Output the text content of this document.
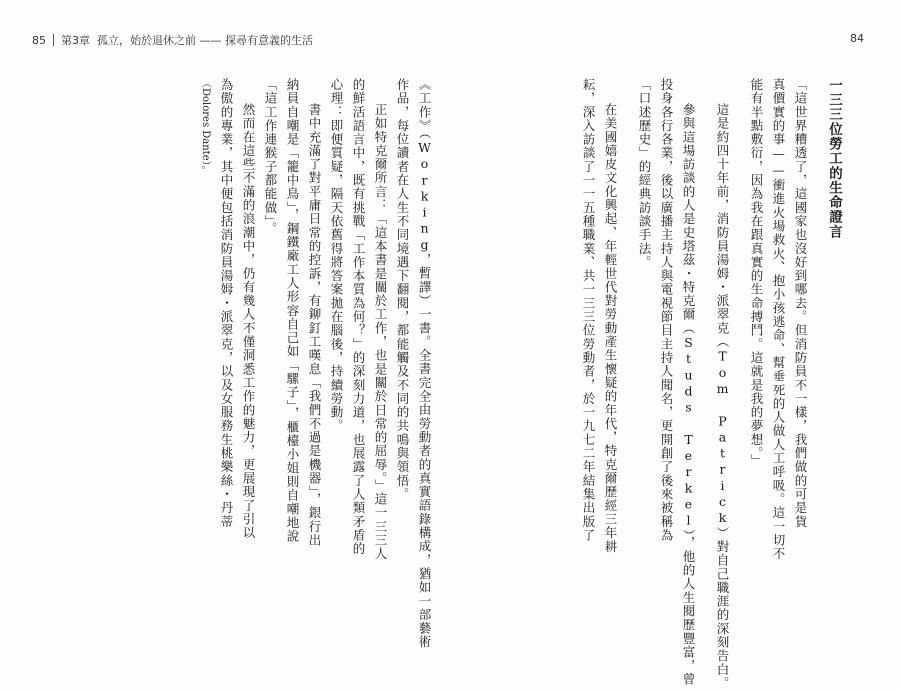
85 第3章 孤立，始於退休之前 —— 探尋有意義的生活	84
一三三位勞工的生命證言
「這世界糟透了，這國家也沒好到哪去。但消防員不一樣，我們做的可是貨
真價實的事——衝進火場救火、抱小孩逃命、幫垂死的人做人工呼吸。這一切不
能有半點敷衍，因為我在跟真實的生命搏鬥。這就是我的夢想。」
這是約四十年前，消防員湯姆・派翠克（Tom Patrick）對自己職涯的深刻告白。
參與這場訪談的人是史塔茲・特克爾（Studs Terkel），他的人生閱歷豐富，曾
投身各行各業，後以廣播主持人與電視節目主持人聞名，更開創了後來被稱為
「口述歷史」的經典訪談手法。
在美國嬉皮文化興起、年輕世代對勞動產生懷疑的年代，特克爾歷經三年耕
耘，深入訪談了一一五種職業、共一三三位勞動者，於一九七二年結集出版了
《工作》（Working，暫譯）一書。全書完全由勞動者的真實語錄構成，猶如一部藝術
作品，每位讀者在人生不同境遇下翻閱，都能觸及不同的共鳴與領悟。
正如特克爾所言：「這本書是關於工作，也是關於日常的屈辱。」這一三三人
的鮮活語言中，既有挑戰「工作本質為何？」的深刻力道，也展露了人類矛盾的
心理：即便質疑，隔天依舊得將答案拋在腦後，持續勞動。
書中充滿了對平庸日常的控訴，有鉚釘工嘆息「我們不過是機器」，銀行出
納員自嘲是「籠中鳥」，鋼鐵廠工人形容自己如「騾子」，櫃檯小姐則自嘲地說
「這工作連猴子都能做」。
然而在這些不滿的浪潮中，仍有幾人不僅洞悉工作的魅力，更展現了引以
為傲的專業，其中便包括消防員湯姆・派翠克，以及女服務生桃樂絲・丹蒂
（Dolores Dante）。
